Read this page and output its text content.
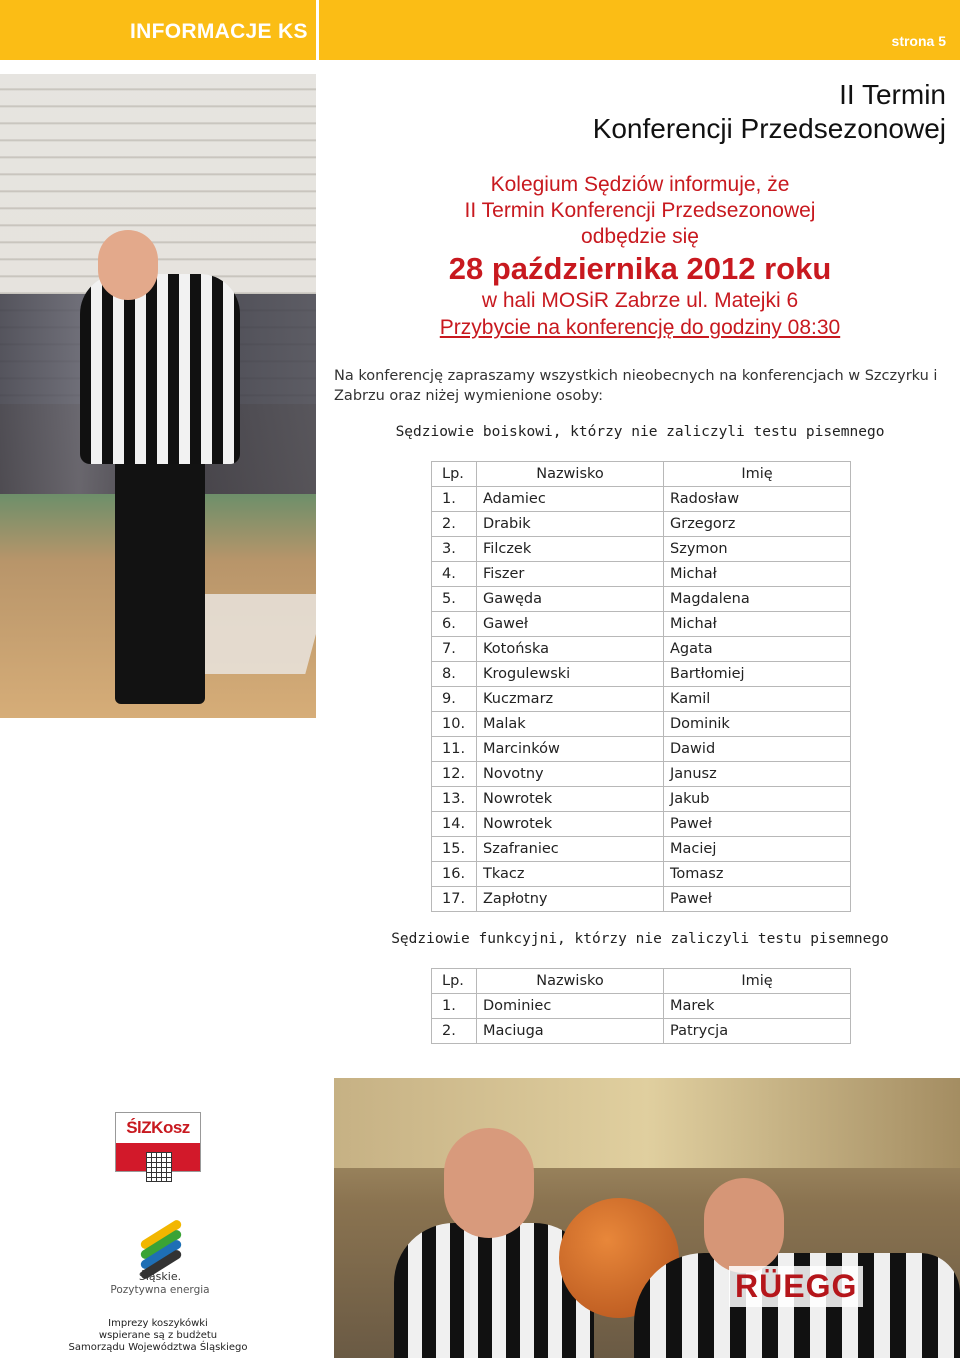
INFORMACJE KS	strona 5
II Termin
Konferencji Przedsezonowej
Kolegium Sędziów informuje, że
II Termin Konferencji Przedsezonowej
odbędzie się
28 października 2012 roku
w hali MOSiR Zabrze ul. Matejki 6
Przybycie na konferencję do godziny 08:30

Na konferencję zapraszamy wszystkich nieobecnych na konferencjach w Szczyrku i Zabrzu oraz niżej wymienione osoby:

Sędziowie boiskowi, którzy nie zaliczyli testu pisemnego
Lp.	Nazwisko	Imię
1.	Adamiec	Radosław
2.	Drabik	Grzegorz
3.	Filczek	Szymon
4.	Fiszer	Michał
5.	Gawęda	Magdalena
6.	Gaweł	Michał
7.	Kotońska	Agata
8.	Krogulewski	Bartłomiej
9.	Kuczmarz	Kamil
10.	Malak	Dominik
11.	Marcinków	Dawid
12.	Novotny	Janusz
13.	Nowrotek	Jakub
14.	Nowrotek	Paweł
15.	Szafraniec	Maciej
16.	Tkacz	Tomasz
17.	Zapłotny	Paweł
Sędziowie funkcyjni, którzy nie zaliczyli testu pisemnego
Lp.	Nazwisko	Imię
1.	Dominiec	Marek
2.	Maciuga	Patrycja
ŚlZKosz
Śląskie.
Pozytywna energia
Imprezy koszykówki
wspierane są z budżetu
Samorządu Województwa Śląskiego
RÜEGG
